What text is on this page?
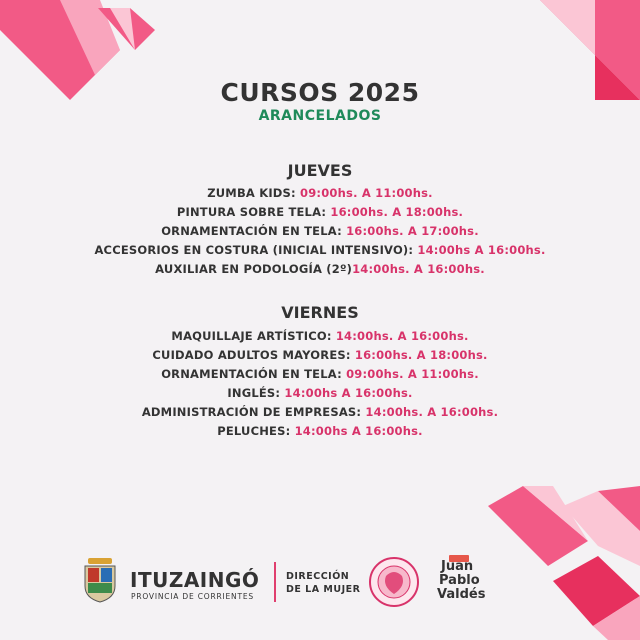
CURSOS 2025
ARANCELADOS
JUEVES
ZUMBA KIDS: 09:00hs. A 11:00hs.
PINTURA SOBRE TELA: 16:00hs. A 18:00hs.
ORNAMENTACIÓN EN TELA: 16:00hs. A 17:00hs.
ACCESORIOS EN COSTURA (INICIAL INTENSIVO): 14:00hs A 16:00hs.
AUXILIAR EN PODOLOGÍA (2º)14:00hs. A 16:00hs.
VIERNES
MAQUILLAJE ARTÍSTICO: 14:00hs. A 16:00hs.
CUIDADO ADULTOS MAYORES: 16:00hs. A 18:00hs.
ORNAMENTACIÓN EN TELA: 09:00hs. A 11:00hs.
INGLÉS: 14:00hs A 16:00hs.
ADMINISTRACIÓN DE EMPRESAS: 14:00hs. A 16:00hs.
PELUCHES: 14:00hs A 16:00hs.
ITUZAINGÓ
PROVINCIA DE CORRIENTES
DIRECCIÓN
DE LA MUJER
Juan
Pablo
Valdés
